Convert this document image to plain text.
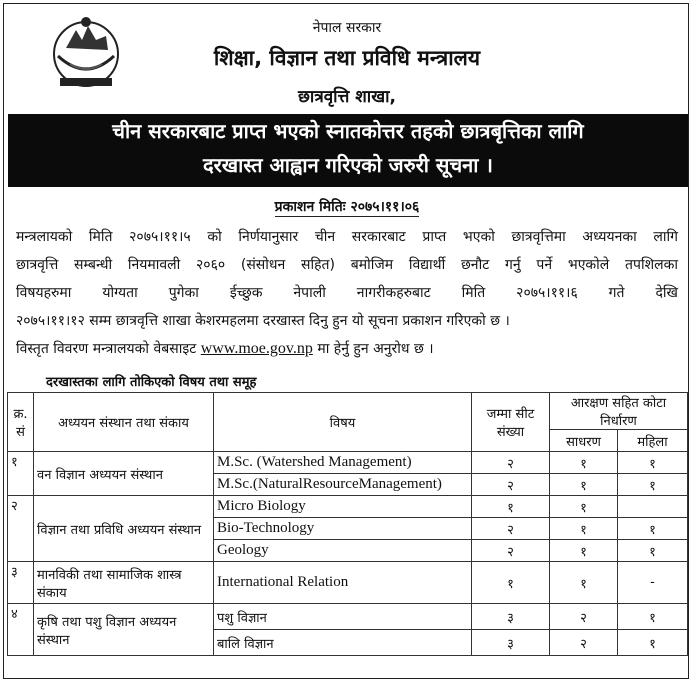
नेपाल सरकार
शिक्षा, विज्ञान तथा प्रविधि मन्त्रालय
छात्रवृत्ति शाखा,
चीन सरकारबाट प्राप्त भएको स्नातकोत्तर तहको छात्रबृत्तिका लागि
दरखास्त आह्वान गरिएको जरुरी सूचना ।
प्रकाशन मितिः २०७५।११।०६
मन्त्रलायको मिति २०७५।११।५ को निर्णयानुसार चीन सरकारबाट प्राप्त भएको छात्रवृत्तिमा अध्ययनका लागि
छात्रवृत्ति सम्बन्धी नियमावली २०६० (संसोधन सहित) बमोजिम विद्यार्थी छनौट गर्नु पर्ने भएकोले तपशिलका
विषयहरुमा योग्यता पुगेका ईच्छुक नेपाली नागरीकहरुबाट मिति २०७५।११।६ गते देखि
२०७५।११।१२ सम्म छात्रवृत्ति शाखा केशरमहलमा दरखास्त दिनु हुन यो सूचना प्रकाशन गरिएको छ ।
विस्तृत विवरण मन्त्रालयको वेबसाइट www.moe.gov.np मा हेर्नु हुन अनुरोध छ ।
दरखास्तका लागि तोकिएको विषय तथा समूह
क्र. सं	अध्ययन संस्थान तथा संकाय	विषय	जम्मा सीट संख्या	आरक्षण सहित कोटा निर्धारण	
				साधरण	महिला
१	वन विज्ञान अध्ययन संस्थान	M.Sc. (Watershed Management)	२	१	१
		M.Sc.(NaturalResourceManagement)	२	१	१
२	विज्ञान तथा प्रविधि अध्ययन संस्थान	Micro Biology	१	१	
		Bio-Technology	२	१	१
		Geology	२	१	१
३	मानविकी तथा सामाजिक शास्त्र संकाय	International Relation	१	१	-
४	कृषि तथा पशु विज्ञान अध्ययन संस्थान	पशु विज्ञान	३	२	१
		बालि विज्ञान	३	२	१
